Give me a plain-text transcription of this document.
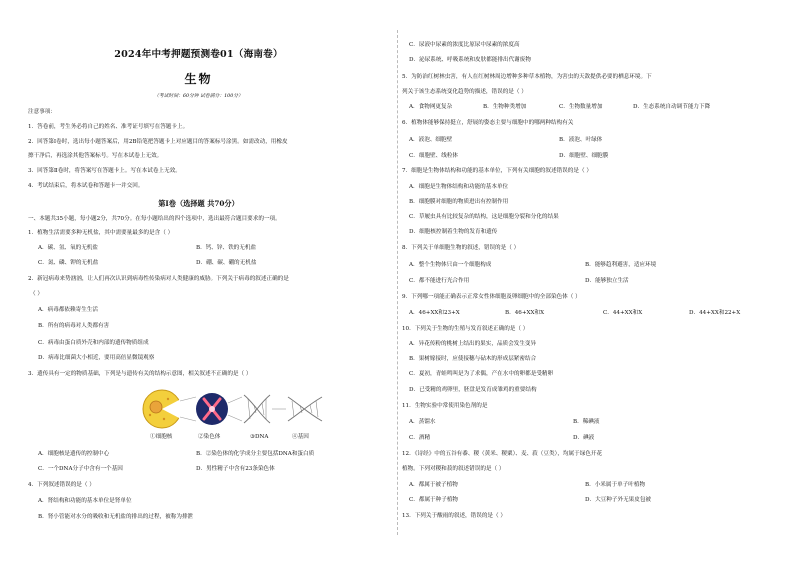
2024年中考押题预测卷01（海南卷）
生物
（考试时间：60分钟 试卷满分：100分）
注意事项：
1．答卷前，考生务必将自己的姓名、准考证号填写在答题卡上。
2．回答第Ⅰ卷时，选出每小题答案后，用2B铅笔把答题卡上对应题目的答案标号涂黑。如需改动，用橡皮
擦干净后，再选涂其他答案标号。写在本试卷上无效。
3．回答第Ⅱ卷时，将答案写在答题卡上。写在本试卷上无效。
4．考试结束后，将本试卷和答题卡一并交回。
第Ⅰ卷（选择题 共70分）
一、本题共35小题，每小题2分，共70分。在每小题给出的四个选项中，选出最符合题目要求的一项。
1．植物生活需要多种无机盐，其中需要量最多的是含（ ）
A．碳、氢、氧的无机盐	B．钙、锌、铁的无机盐
C．氮、磷、钾的无机盐	D．硼、碳、硼的无机盐
2．新冠病毒来势汹汹，让人们再次认识到病毒性传染病对人类健康的威胁。下列关于病毒的叙述正确的是
（ ）
A．病毒都依赖寄生生活
B．所有的病毒对人类都有害
C．病毒由蛋白质外壳和内部的遗传物质组成
D．病毒比细菌大小相近，要用高倍显微镜观察
3．遗传具有一定的物质基础，下列是与遗传有关的结构示意图，相关叙述不正确的是（ ）
①细胞核	②染色体	③DNA	④基因
A．细胞核是遗传的控制中心	B．②染色体的化学成分主要包括DNA和蛋白质
C．一个DNA分子中含有一个基因	D．男性精子中含有23条染色体
4．下列叙述错误的是（ ）
A．肾结构和功能的基本单位是肾单位
B．肾小管能对水分的吸收和无机盐的排出的过程，被称为排泄
C．尿液中尿素的浓度比原尿中尿素的浓度高
D．泌尿系统、呼吸系统和皮肤都能排出代谢废物
5．为防治红树林虫害，有人在红树林周边增种多种草本植物，为害虫的天敌提供必要的栖息环境。下
列关于该生态系统变化趋势的描述，错误的是（ ）
A．食物网更复杂	B．生物种类增加	C．生物数量增加	D．生态系统自动调节能力下降
6．植物体能够保持挺立，舒展的姿态主要与细胞中的哪两种结构有关
A．液泡、细胞壁	B．液泡、叶绿体
C．细胞壁、线粒体	D．细胞壁、细胞膜
7．细胞是生物体结构和功能的基本单位，下列有关细胞的叙述错误的是（ ）
A．细胞是生物体结构和功能的基本单位
B．细胞膜对细胞的物质进出有控制作用
C．草履虫具有比较复杂的结构，这是细胞分裂和分化的结果
D．细胞核控制着生物的发育和遗传
8．下列关于单细胞生物的叙述，错误的是（ ）
A．整个生物体只由一个细胞构成	B．能够趋利避害，适应环境
C．都不能进行光合作用	D．能够独立生活
9．下列哪一项能正确表示正常女性体细胞及卵细胞中的全部染色体（ ）
A．46+XX和23+X	B．46+XX和X	C．44+XX和X	D．44+XX和22+X
10．下列关于生物的生殖与发育叙述正确的是（ ）
A．异花传粉的桃树上结出的果实，品质会发生变异
B．果树嫁接时，应使接穗与砧木的形成层紧密结合
C．夏初，青蛙鸣叫是为了求偶，产在水中的卵都是受精卵
D．已受精的鸡卵里，胚盘是发育成雏鸡的重要结构
11．生物实验中常使用染色剂的是
A．蒸馏水	B．稀碘液
C．酒精	D．碘液
12．《诗经》中的五谷有黍、稷（黄米、稷粟）、麦、菽（豆类），均属于绿色开花
植物。下列对稷和菽的叙述错误的是（ ）
A．都属于被子植物	B．小米属于单子叶植物
C．都属于种子植物	D．大豆种子外无果皮包被
13．下列关于酸雨的叙述，错误的是（ ）
